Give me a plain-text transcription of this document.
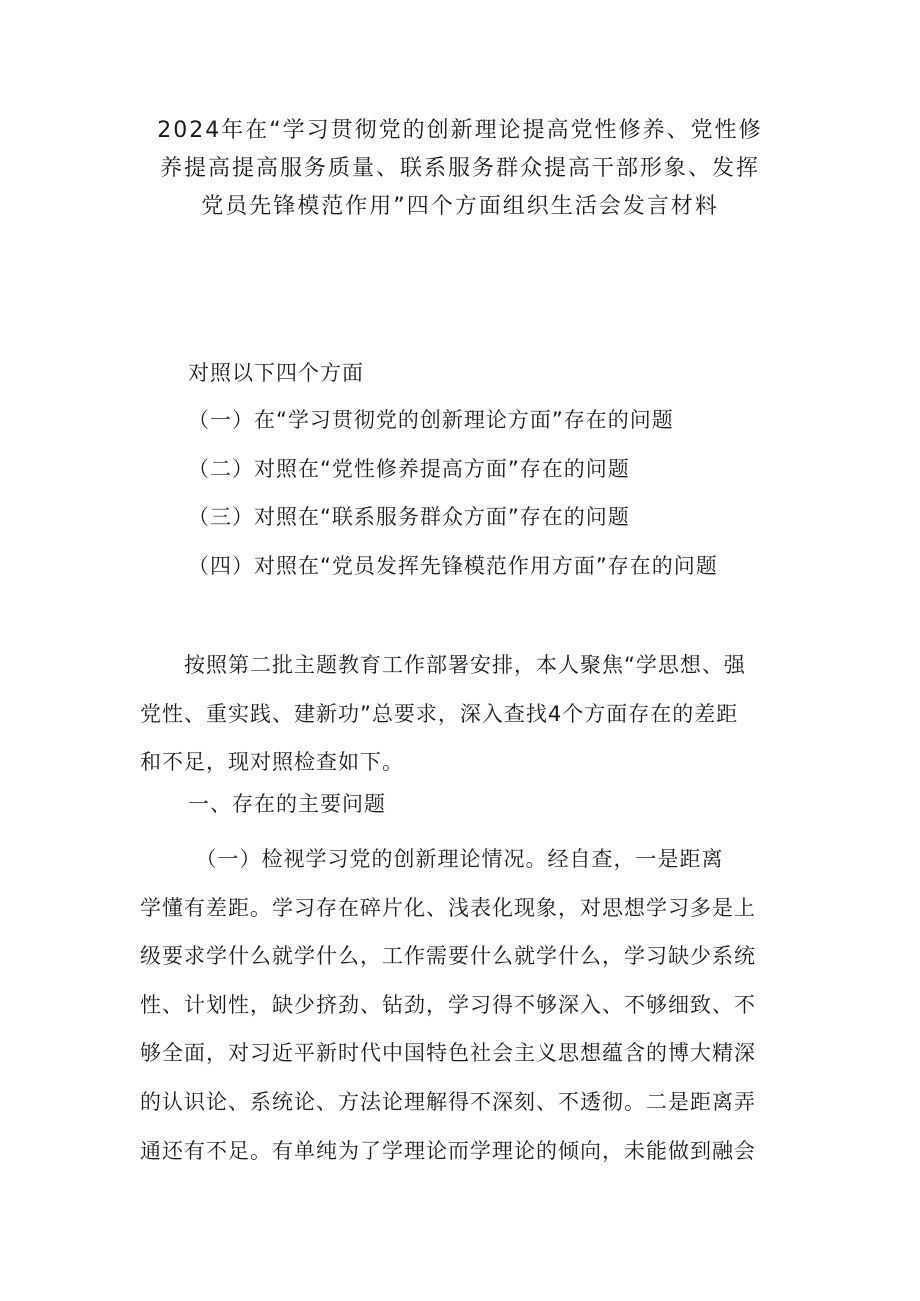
2024年在“学习贯彻党的创新理论提高党性修养、党性修
养提高提高服务质量、联系服务群众提高干部形象、发挥
党员先锋模范作用”四个方面组织生活会发言材料

对照以下四个方面

（一）在“学习贯彻党的创新理论方面”存在的问题

（二）对照在“党性修养提高方面”存在的问题

（三）对照在“联系服务群众方面”存在的问题

（四）对照在“党员发挥先锋模范作用方面”存在的问题

　　按照第二批主题教育工作部署安排，本人聚焦“学思想、强
党性、重实践、建新功”总要求，深入查找4个方面存在的差距
和不足，现对照检查如下。

一、存在的主要问题

　　　（一）检视学习党的创新理论情况。经自查，一是距离
学懂有差距。学习存在碎片化、浅表化现象，对思想学习多是上
级要求学什么就学什么，工作需要什么就学什么，学习缺少系统
性、计划性，缺少挤劲、钻劲，学习得不够深入、不够细致、不
够全面，对习近平新时代中国特色社会主义思想蕴含的博大精深
的认识论、系统论、方法论理解得不深刻、不透彻。二是距离弄
通还有不足。有单纯为了学理论而学理论的倾向，未能做到融会
